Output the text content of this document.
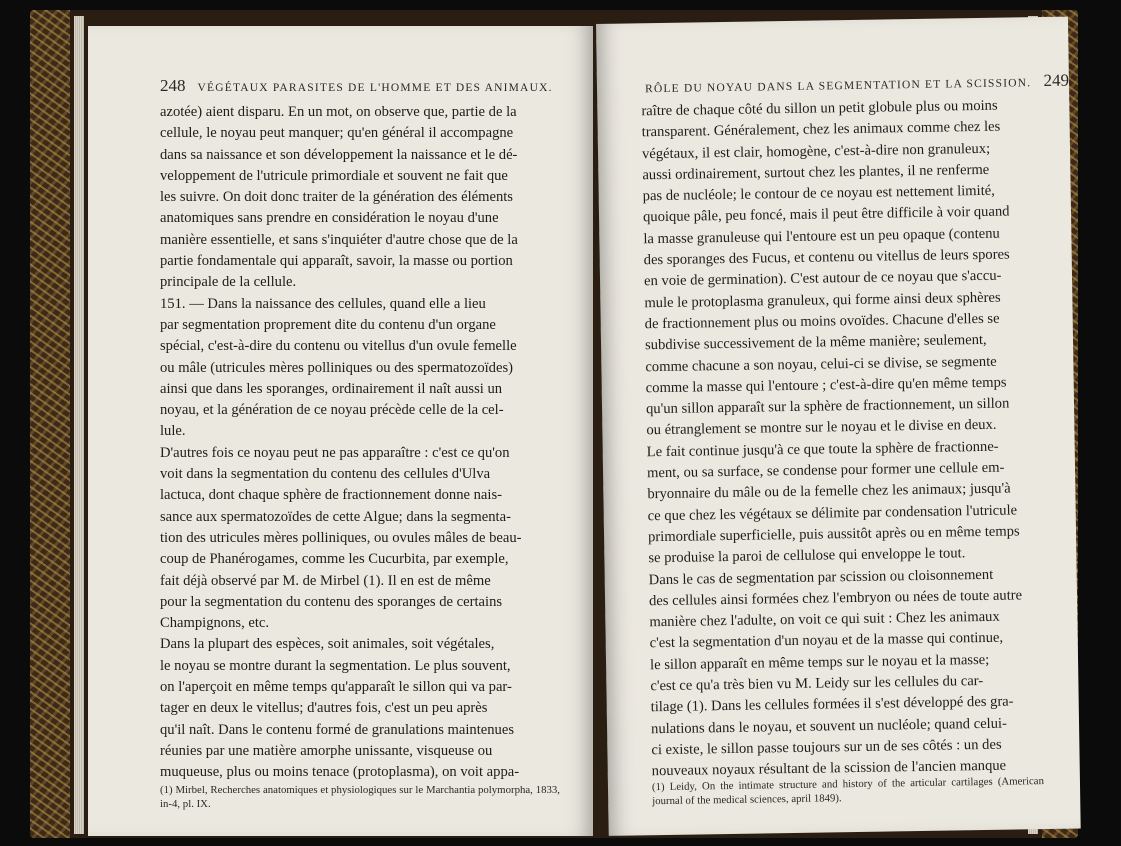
248 VÉGÉTAUX PARASITES DE L'HOMME ET DES ANIMAUX.
azotée) aient disparu. En un mot, on observe que, partie de la
cellule, le noyau peut manquer; qu'en général il accompagne
dans sa naissance et son développement la naissance et le dé-
veloppement de l'utricule primordiale et souvent ne fait que
les suivre. On doit donc traiter de la génération des éléments
anatomiques sans prendre en considération le noyau d'une
manière essentielle, et sans s'inquiéter d'autre chose que de la
partie fondamentale qui apparaît, savoir, la masse ou portion
principale de la cellule.
151. — Dans la naissance des cellules, quand elle a lieu
par segmentation proprement dite du contenu d'un organe
spécial, c'est-à-dire du contenu ou vitellus d'un ovule femelle
ou mâle (utricules mères polliniques ou des spermatozoïdes)
ainsi que dans les sporanges, ordinairement il naît aussi un
noyau, et la génération de ce noyau précède celle de la cel-
lule.
D'autres fois ce noyau peut ne pas apparaître : c'est ce qu'on
voit dans la segmentation du contenu des cellules d'Ulva
lactuca, dont chaque sphère de fractionnement donne nais-
sance aux spermatozoïdes de cette Algue; dans la segmenta-
tion des utricules mères polliniques, ou ovules mâles de beau-
coup de Phanérogames, comme les Cucurbita, par exemple,
fait déjà observé par M. de Mirbel (1). Il en est de même
pour la segmentation du contenu des sporanges de certains
Champignons, etc.
Dans la plupart des espèces, soit animales, soit végétales,
le noyau se montre durant la segmentation. Le plus souvent,
on l'aperçoit en même temps qu'apparaît le sillon qui va par-
tager en deux le vitellus; d'autres fois, c'est un peu après
qu'il naît. Dans le contenu formé de granulations maintenues
réunies par une matière amorphe unissante, visqueuse ou
muqueuse, plus ou moins tenace (protoplasma), on voit appa-
(1) Mirbel, Recherches anatomiques et physiologiques sur le Marchantia polymorpha, 1833, in-4, pl. IX.
RÔLE DU NOYAU DANS LA SEGMENTATION ET LA SCISSION. 249
raître de chaque côté du sillon un petit globule plus ou moins
transparent. Généralement, chez les animaux comme chez les
végétaux, il est clair, homogène, c'est-à-dire non granuleux;
aussi ordinairement, surtout chez les plantes, il ne renferme
pas de nucléole; le contour de ce noyau est nettement limité,
quoique pâle, peu foncé, mais il peut être difficile à voir quand
la masse granuleuse qui l'entoure est un peu opaque (contenu
des sporanges des Fucus, et contenu ou vitellus de leurs spores
en voie de germination). C'est autour de ce noyau que s'accu-
mule le protoplasma granuleux, qui forme ainsi deux sphères
de fractionnement plus ou moins ovoïdes. Chacune d'elles se
subdivise successivement de la même manière; seulement,
comme chacune a son noyau, celui-ci se divise, se segmente
comme la masse qui l'entoure ; c'est-à-dire qu'en même temps
qu'un sillon apparaît sur la sphère de fractionnement, un sillon
ou étranglement se montre sur le noyau et le divise en deux.
Le fait continue jusqu'à ce que toute la sphère de fractionne-
ment, ou sa surface, se condense pour former une cellule em-
bryonnaire du mâle ou de la femelle chez les animaux; jusqu'à
ce que chez les végétaux se délimite par condensation l'utricule
primordiale superficielle, puis aussitôt après ou en même temps
se produise la paroi de cellulose qui enveloppe le tout.
Dans le cas de segmentation par scission ou cloisonnement
des cellules ainsi formées chez l'embryon ou nées de toute autre
manière chez l'adulte, on voit ce qui suit : Chez les animaux
c'est la segmentation d'un noyau et de la masse qui continue,
le sillon apparaît en même temps sur le noyau et la masse;
c'est ce qu'a très bien vu M. Leidy sur les cellules du car-
tilage (1). Dans les cellules formées il s'est développé des gra-
nulations dans le noyau, et souvent un nucléole; quand celui-
ci existe, le sillon passe toujours sur un de ses côtés : un des
nouveaux noyaux résultant de la scission de l'ancien manque
(1) Leidy, On the intimate structure and history of the articular cartilages (American journal of the medical sciences, april 1849).
